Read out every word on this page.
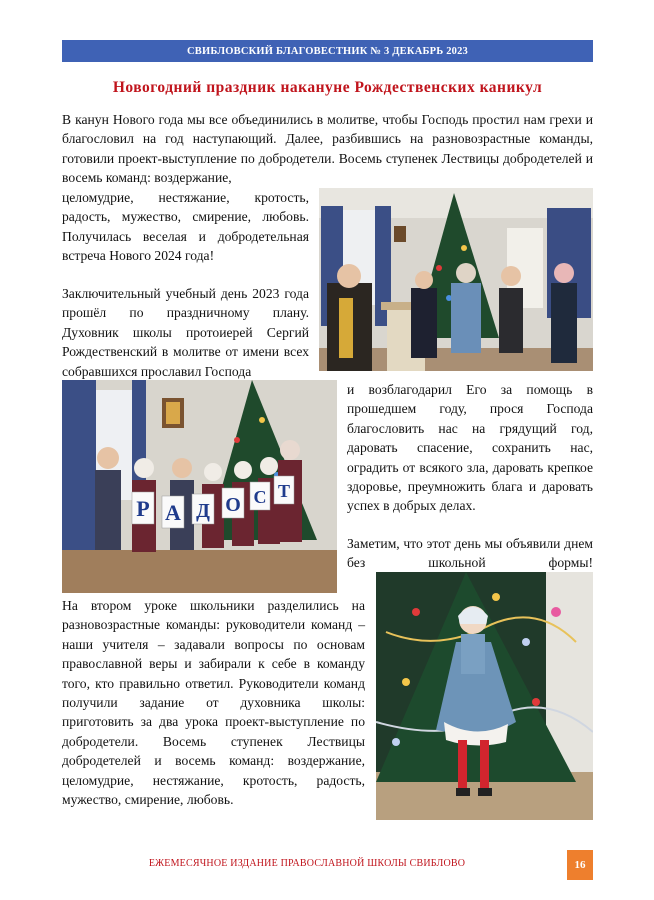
СВИБЛОВСКИЙ БЛАГОВЕСТНИК № 3 ДЕКАБРЬ 2023
Новогодний праздник накануне Рождественских каникул

В канун Нового года мы все объединились в молитве, чтобы Господь простил нам грехи и благословил на год наступающий. Далее, разбившись на разновозрастные команды, готовили проект-выступление по добродетели. Восемь ступенек Лествицы добродетелей и восемь команд: воздержание,

целомудрие, нестяжание, кротость, радость, мужество, смирение, любовь. Получилась веселая и добродетельная встреча Нового 2024 года!

Заключительный учебный день 2023 года прошёл по праздничному плану. Духовник школы протоиерей Сергий Рождественский в молитве от имени всех собравшихся прославил Господа

и возблагодарил Его за помощь в прошедшем году, прося Господа благословить нас на грядущий год, даровать спасение, сохранить нас, оградить от всякого зла, даровать крепкое здоровье, преумножить блага и даровать успех в добрых делах.

Заметим, что этот день мы объявили днем без школьной формы!

На втором уроке школьники разделились на разновозрастные команды: руководители команд – наши учителя – задавали вопросы по основам православной веры и забирали к себе в команду того, кто правильно ответил. Руководители команд получили задание от духовника школы: приготовить за два урока проект-выступление по добродетели. Восемь ступенек Лествицы добродетелей и восемь команд: воздержание, целомудрие, нестяжание, кротость, радость, мужество, смирение, любовь.

Р А Д О С Т
ЕЖЕМЕСЯЧНОЕ ИЗДАНИЕ ПРАВОСЛАВНОЙ ШКОЛЫ СВИБЛОВО	16
